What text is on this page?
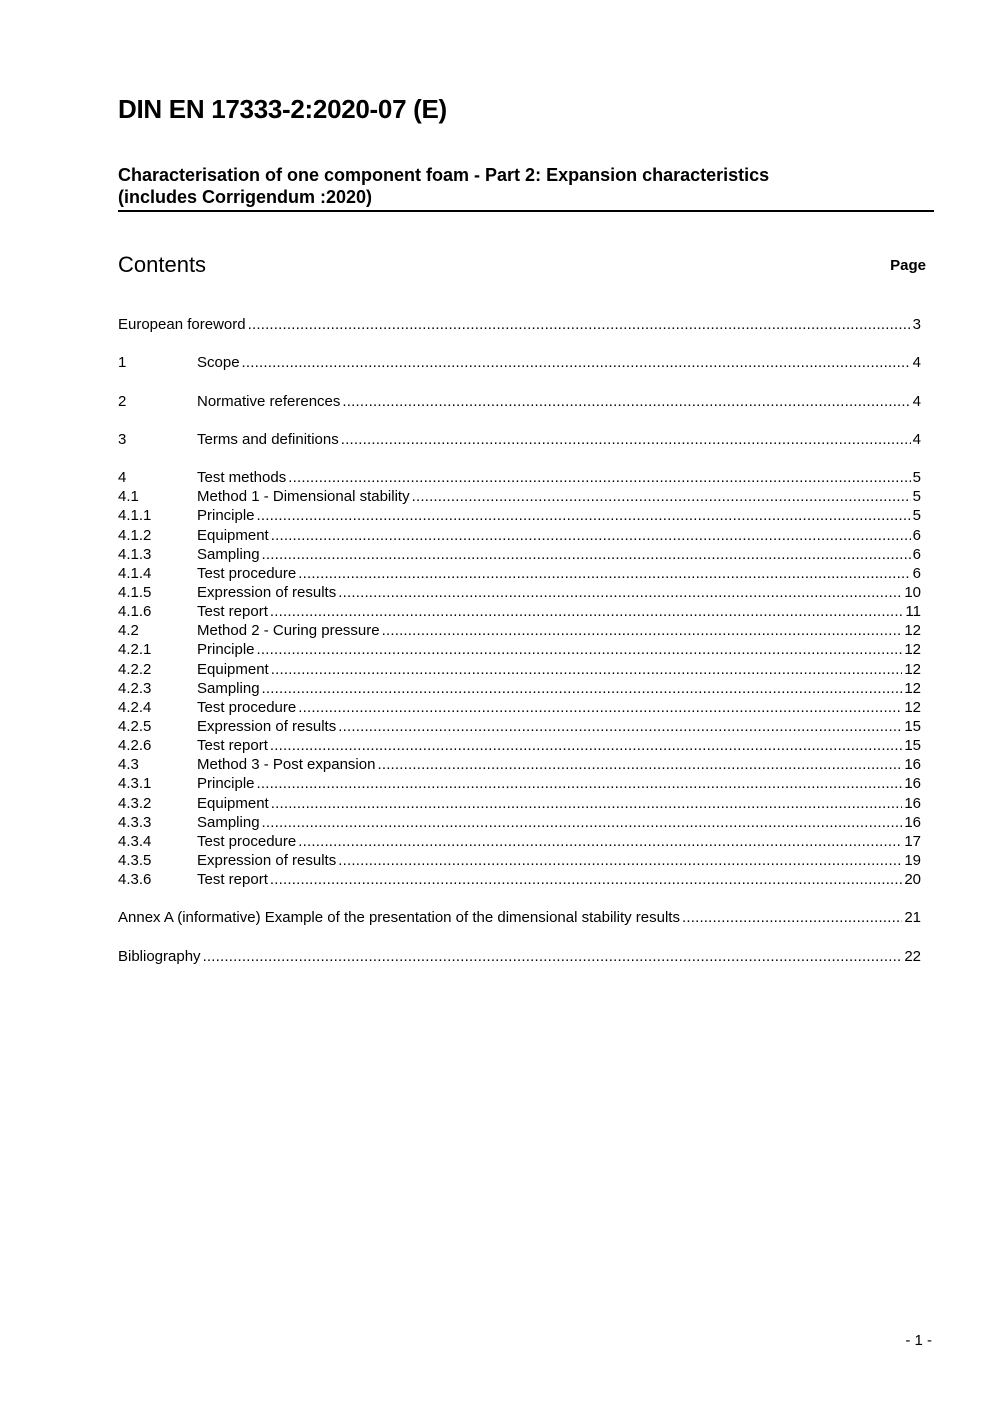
DIN EN 17333-2:2020-07 (E)
Characterisation of one component foam - Part 2: Expansion characteristics
(includes Corrigendum :2020)
Contents	Page
European foreword .....	3
1	Scope .....	4
2	Normative references .....	4
3	Terms and definitions .....	4
4	Test methods .....	5
4.1	Method 1 - Dimensional stability .....	5
4.1.1	Principle .....	5
4.1.2	Equipment .....	6
4.1.3	Sampling .....	6
4.1.4	Test procedure .....	6
4.1.5	Expression of results .....	10
4.1.6	Test report .....	11
4.2	Method 2 - Curing pressure .....	12
4.2.1	Principle .....	12
4.2.2	Equipment .....	12
4.2.3	Sampling .....	12
4.2.4	Test procedure .....	12
4.2.5	Expression of results .....	15
4.2.6	Test report .....	15
4.3	Method 3 - Post expansion .....	16
4.3.1	Principle .....	16
4.3.2	Equipment .....	16
4.3.3	Sampling .....	16
4.3.4	Test procedure .....	17
4.3.5	Expression of results .....	19
4.3.6	Test report .....	20
Annex A (informative) Example of the presentation of the dimensional stability results .....	21
Bibliography .....	22
- 1 -
